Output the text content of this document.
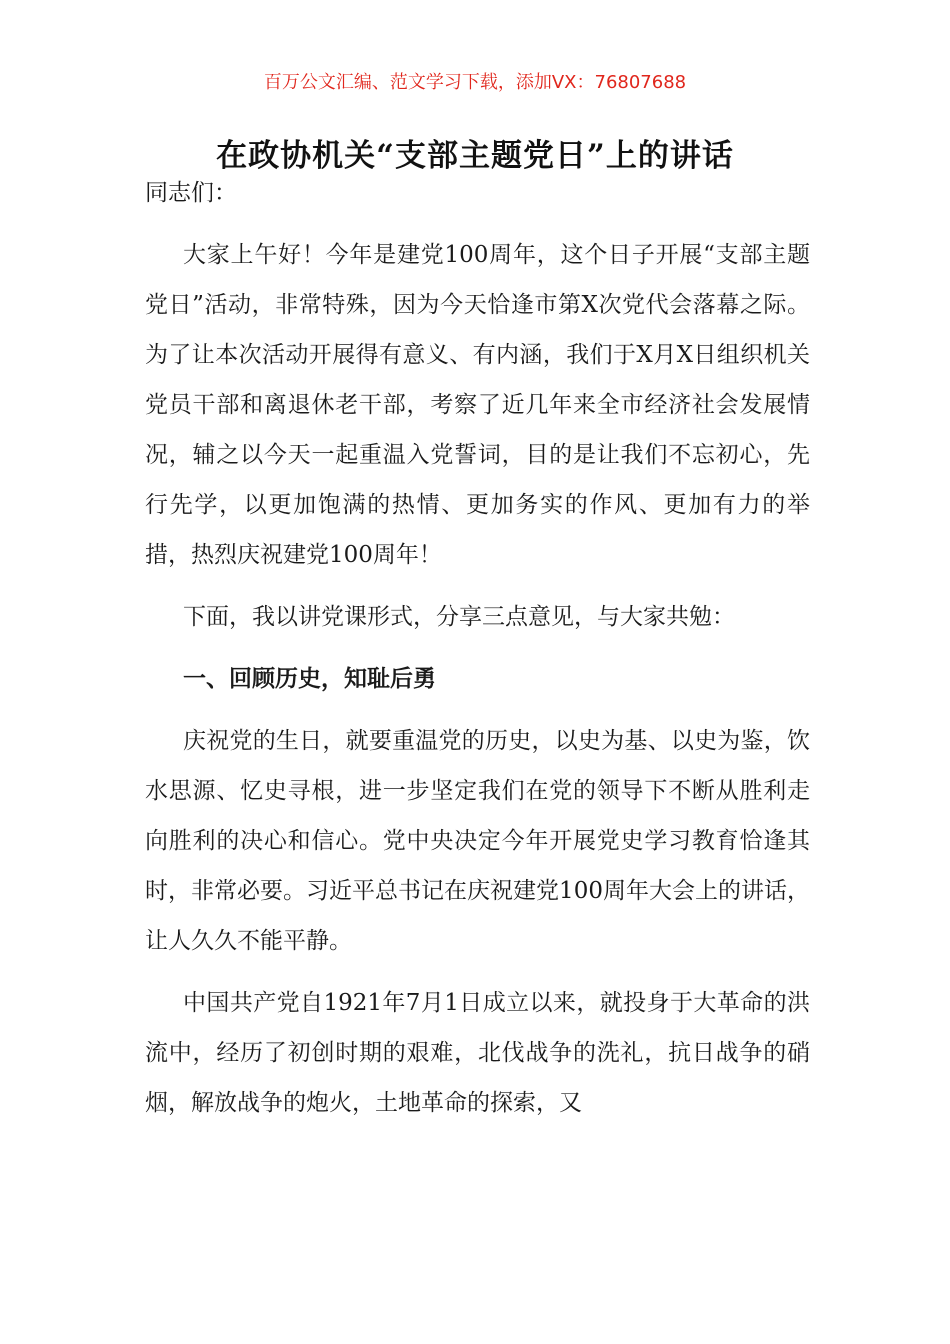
百万公文汇编、范文学习下载，添加VX：76807688
在政协机关“支部主题党日”上的讲话

同志们：

大家上午好！今年是建党100周年，这个日子开展“支部主题党日”活动，非常特殊，因为今天恰逢市第X次党代会落幕之际。为了让本次活动开展得有意义、有内涵，我们于X月X日组织机关党员干部和离退休老干部，考察了近几年来全市经济社会发展情况，辅之以今天一起重温入党誓词，目的是让我们不忘初心，先行先学，以更加饱满的热情、更加务实的作风、更加有力的举措，热烈庆祝建党100周年！

下面，我以讲党课形式，分享三点意见，与大家共勉：

一、回顾历史，知耻后勇

庆祝党的生日，就要重温党的历史，以史为基、以史为鉴，饮水思源、忆史寻根，进一步坚定我们在党的领导下不断从胜利走向胜利的决心和信心。党中央决定今年开展党史学习教育恰逢其时，非常必要。习近平总书记在庆祝建党100周年大会上的讲话，让人久久不能平静。

中国共产党自1921年7月1日成立以来，就投身于大革命的洪流中，经历了初创时期的艰难，北伐战争的洗礼，抗日战争的硝烟，解放战争的炮火，土地革命的探索，又
